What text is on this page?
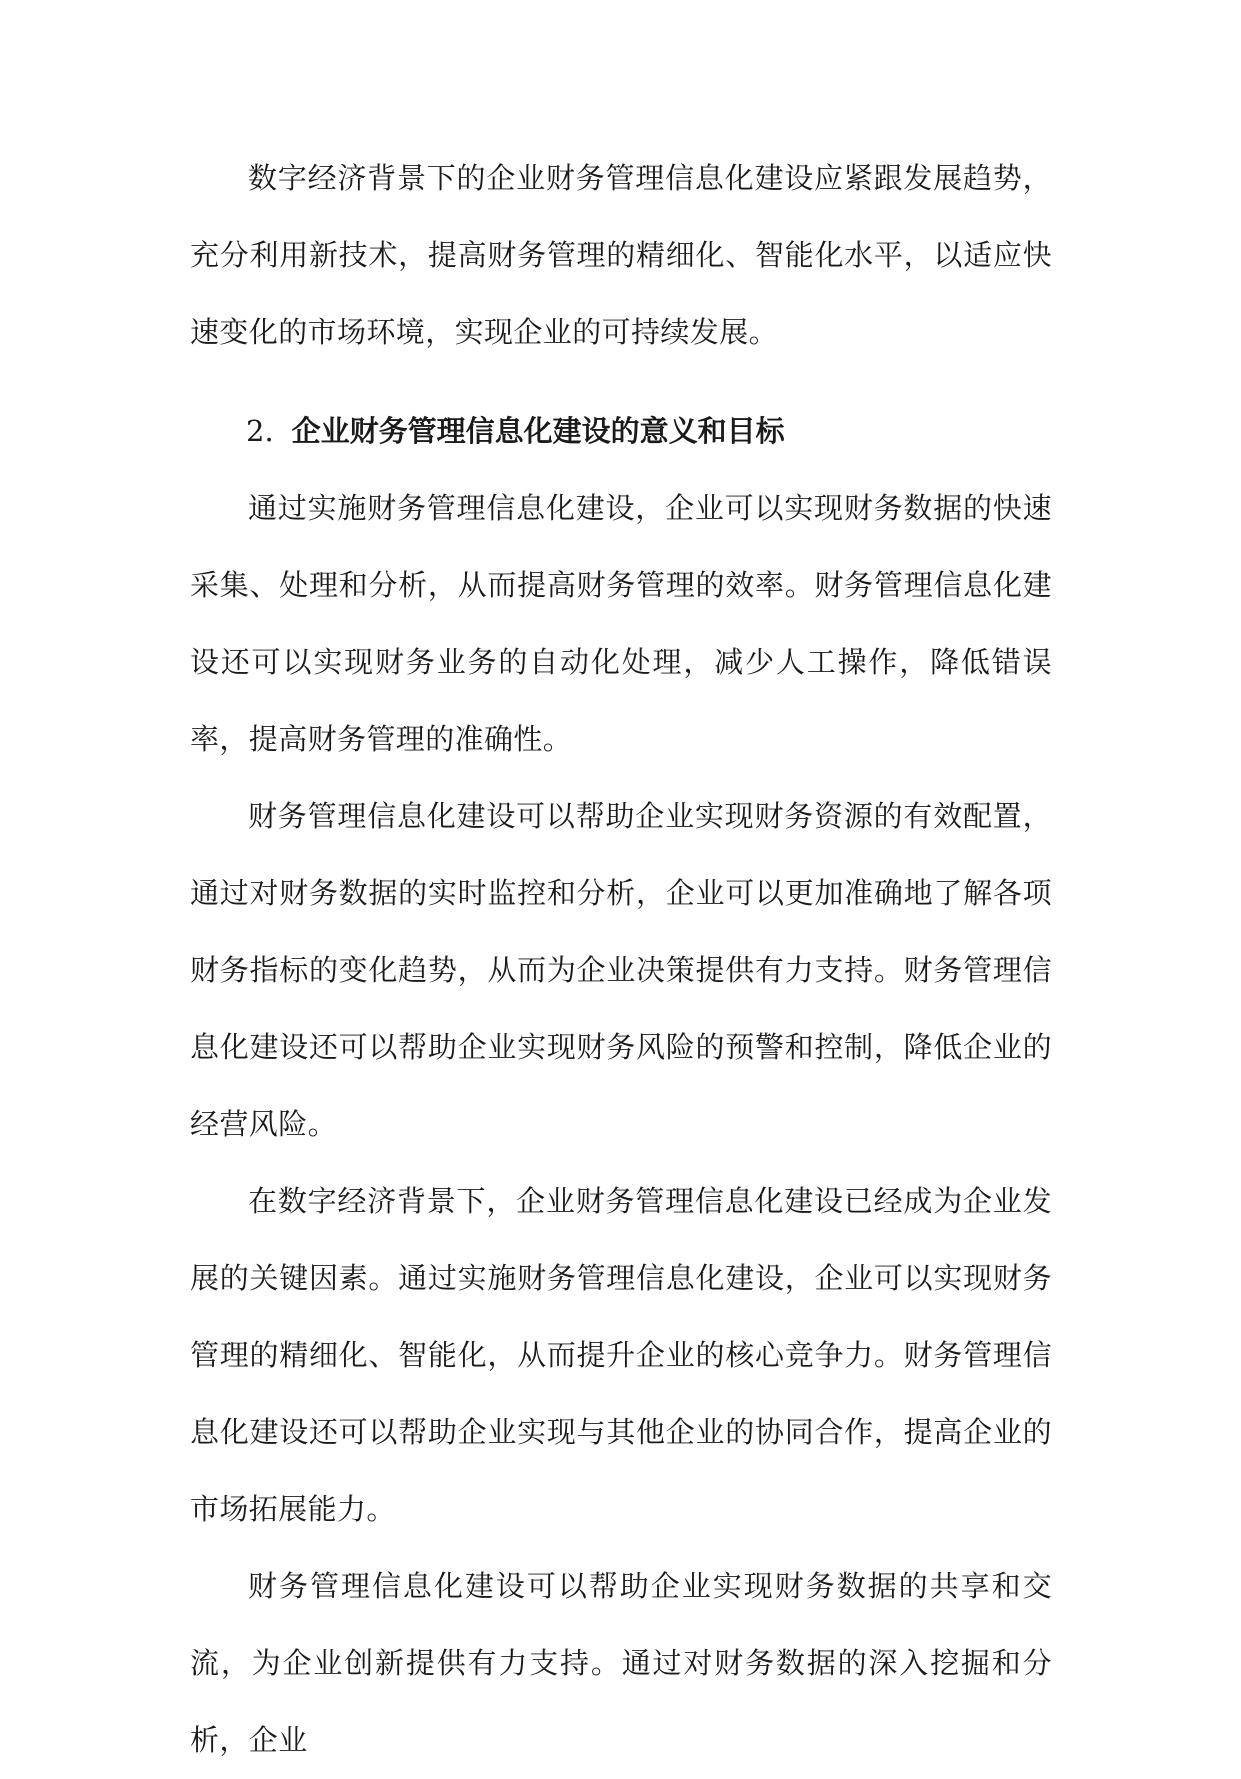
数字经济背景下的企业财务管理信息化建设应紧跟发展趋势，充分利用新技术，提高财务管理的精细化、智能化水平，以适应快速变化的市场环境，实现企业的可持续发展。

2. 企业财务管理信息化建设的意义和目标

通过实施财务管理信息化建设，企业可以实现财务数据的快速采集、处理和分析，从而提高财务管理的效率。财务管理信息化建设还可以实现财务业务的自动化处理，减少人工操作，降低错误率，提高财务管理的准确性。

财务管理信息化建设可以帮助企业实现财务资源的有效配置，通过对财务数据的实时监控和分析，企业可以更加准确地了解各项财务指标的变化趋势，从而为企业决策提供有力支持。财务管理信息化建设还可以帮助企业实现财务风险的预警和控制，降低企业的经营风险。

在数字经济背景下，企业财务管理信息化建设已经成为企业发展的关键因素。通过实施财务管理信息化建设，企业可以实现财务管理的精细化、智能化，从而提升企业的核心竞争力。财务管理信息化建设还可以帮助企业实现与其他企业的协同合作，提高企业的市场拓展能力。

财务管理信息化建设可以帮助企业实现财务数据的共享和交流，为企业创新提供有力支持。通过对财务数据的深入挖掘和分析，企业
